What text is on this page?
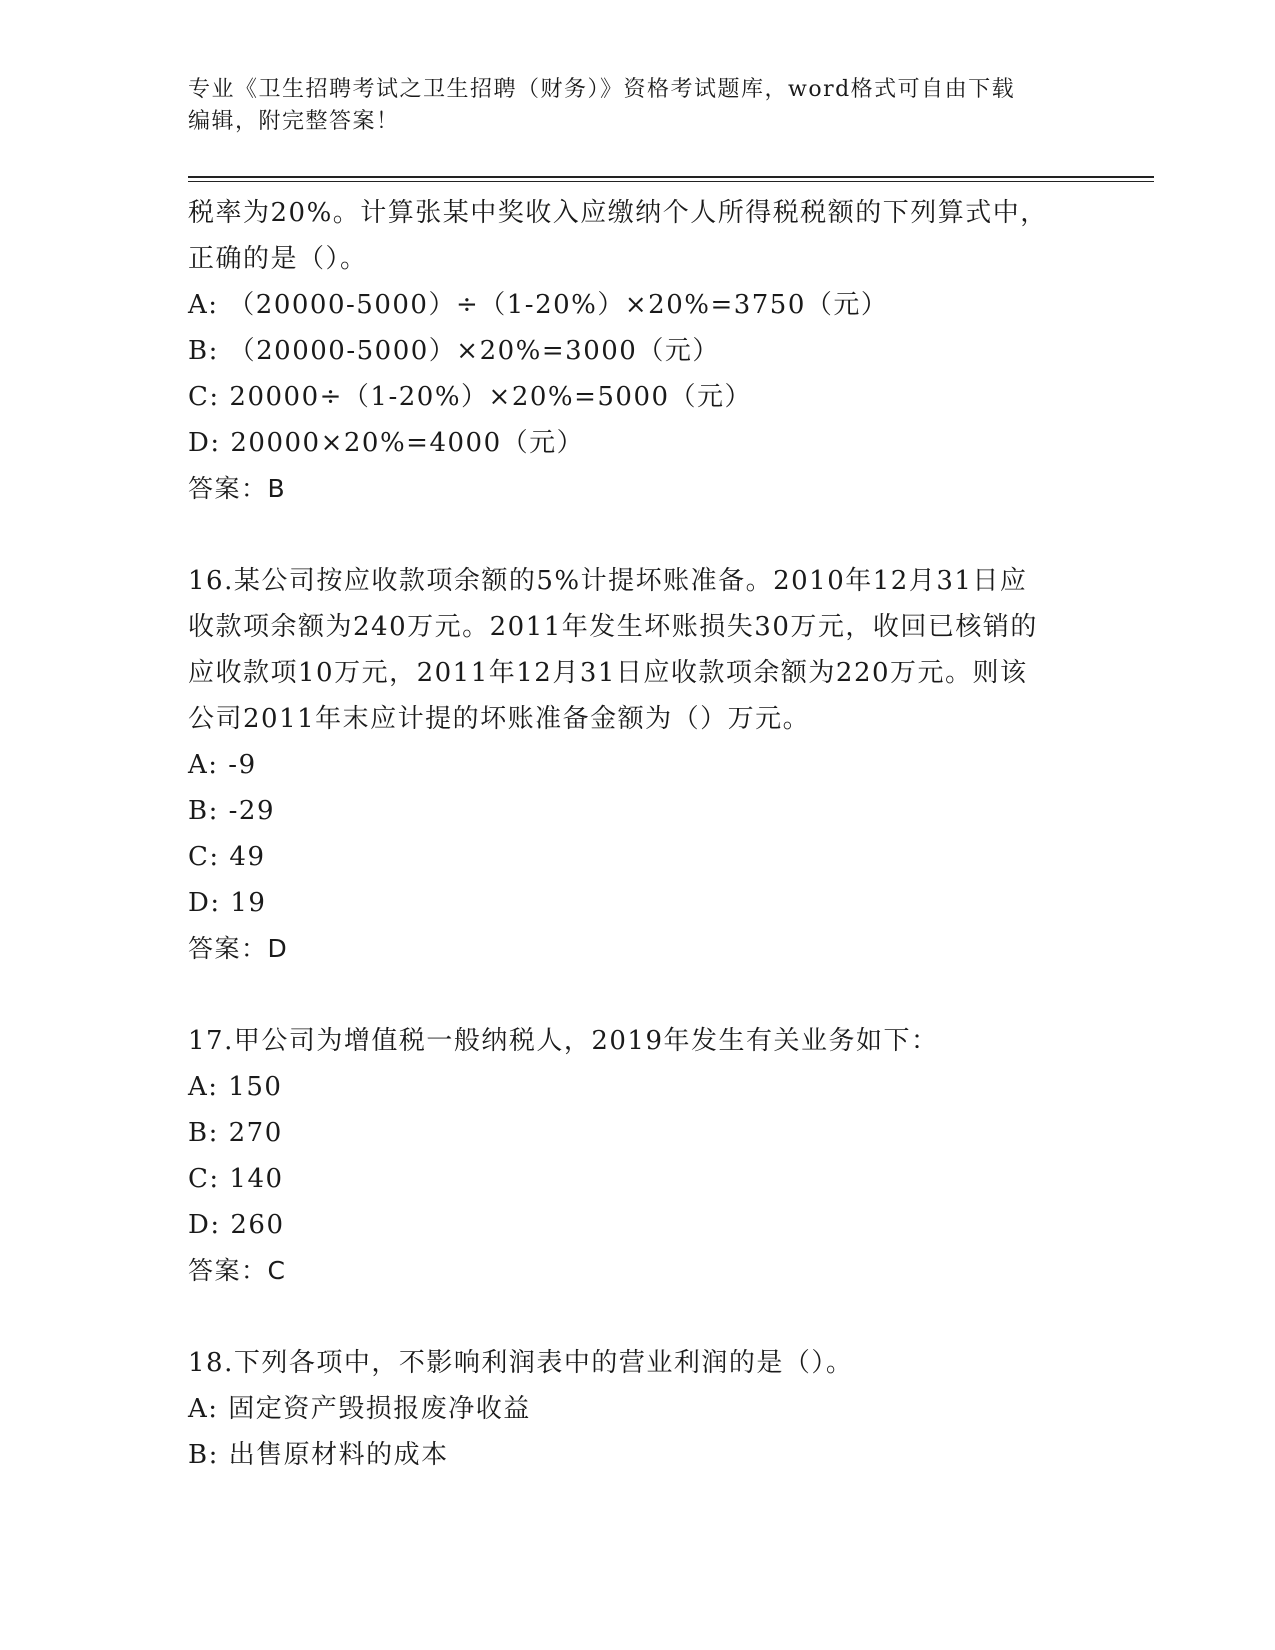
专业《卫生招聘考试之卫生招聘（财务）》资格考试题库，word格式可自由下载
编辑，附完整答案！
税率为20%。计算张某中奖收入应缴纳个人所得税税额的下列算式中，
正确的是（）。
A: （20000-5000）÷（1-20%）×20%=3750（元）
B: （20000-5000）×20%=3000（元）
C: 20000÷（1-20%）×20%=5000（元）
D: 20000×20%=4000（元）
答案：B
16.某公司按应收款项余额的5%计提坏账准备。2010年12月31日应
收款项余额为240万元。2011年发生坏账损失30万元，收回已核销的
应收款项10万元，2011年12月31日应收款项余额为220万元。则该
公司2011年末应计提的坏账准备金额为（）万元。
A: -9
B: -29
C: 49
D: 19
答案：D
17.甲公司为增值税一般纳税人，2019年发生有关业务如下：
A: 150
B: 270
C: 140
D: 260
答案：C
18.下列各项中，不影响利润表中的营业利润的是（）。
A: 固定资产毁损报废净收益
B: 出售原材料的成本
